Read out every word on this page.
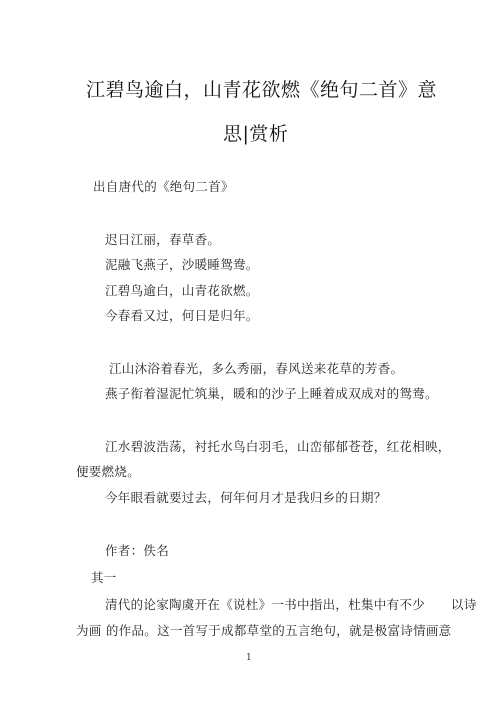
江碧鸟逾白，山青花欲燃《绝句二首》意
思|赏析
出自唐代的《绝句二首》
迟日江丽，春草香。
泥融飞燕子，沙暖睡鸳鸯。
江碧鸟逾白，山青花欲燃。
今春看又过，何日是归年。
江山沐浴着春光，多么秀丽，春风送来花草的芳香。
燕子衔着湿泥忙筑巢，暖和的沙子上睡着成双成对的鸳鸯。
江水碧波浩荡，衬托水鸟白羽毛，山峦郁郁苍苍，红花相映，
便要燃烧。
今年眼看就要过去，何年何月才是我归乡的日期？
作者：佚名
其一
清代的论家陶虞开在《说杜》一书中指出，杜集中有不少 以诗
为画 的作品。这一首写于成都草堂的五言绝句，就是极富诗情画意
1
